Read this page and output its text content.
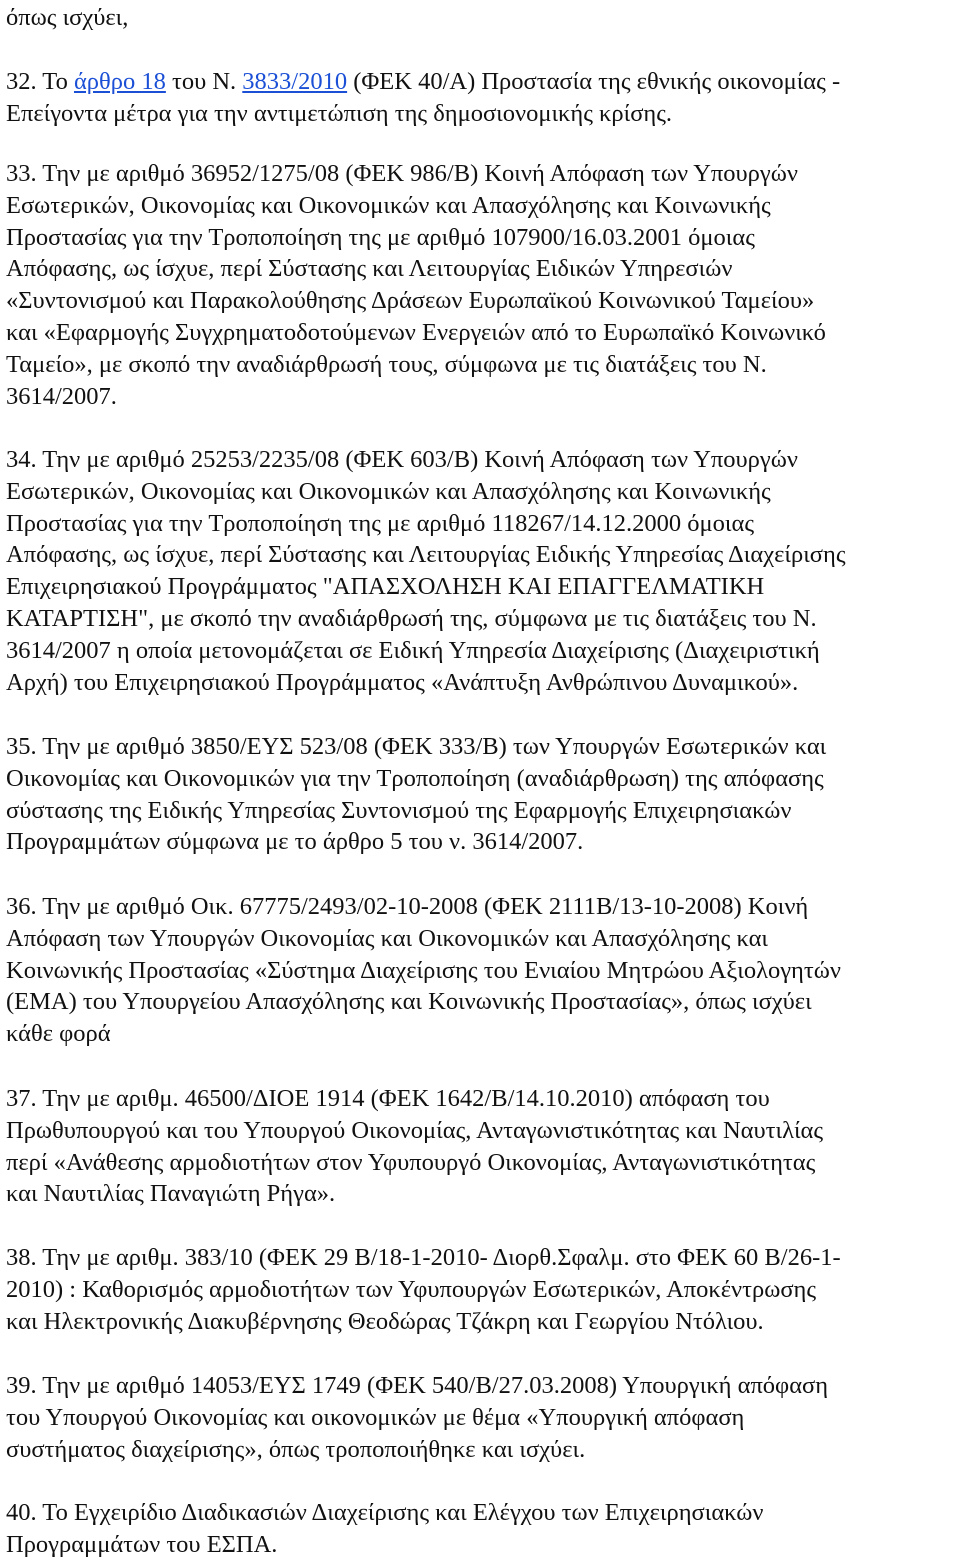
όπως ισχύει,

32. Το άρθρο 18 του Ν. 3833/2010 (ΦΕΚ 40/Α) Προστασία της εθνικής οικονομίας -
Επείγοντα μέτρα για την αντιμετώπιση της δημοσιονομικής κρίσης.

33. Την με αριθμό 36952/1275/08 (ΦΕΚ 986/Β) Κοινή Απόφαση των Υπουργών
Εσωτερικών, Οικονομίας και Οικονομικών και Απασχόλησης και Κοινωνικής
Προστασίας για την Τροποποίηση της με αριθμό 107900/16.03.2001 όμοιας
Απόφασης, ως ίσχυε, περί Σύστασης και Λειτουργίας Ειδικών Υπηρεσιών
«Συντονισμού και Παρακολούθησης Δράσεων Ευρωπαϊκού Κοινωνικού Ταμείου»
και «Εφαρμογής Συγχρηματοδοτούμενων Ενεργειών από το Ευρωπαϊκό Κοινωνικό
Ταμείο», με σκοπό την αναδιάρθρωσή τους, σύμφωνα με τις διατάξεις του Ν.
3614/2007.

34. Την με αριθμό 25253/2235/08 (ΦΕΚ 603/Β) Κοινή Απόφαση των Υπουργών
Εσωτερικών, Οικονομίας και Οικονομικών και Απασχόλησης και Κοινωνικής
Προστασίας για την Τροποποίηση της με αριθμό 118267/14.12.2000 όμοιας
Απόφασης, ως ίσχυε, περί Σύστασης και Λειτουργίας Ειδικής Υπηρεσίας Διαχείρισης
Επιχειρησιακού Προγράμματος "ΑΠΑΣΧΟΛΗΣΗ ΚΑΙ ΕΠΑΓΓΕΛΜΑΤΙΚΗ
ΚΑΤΑΡΤΙΣΗ", με σκοπό την αναδιάρθρωσή της, σύμφωνα με τις διατάξεις του Ν.
3614/2007 η οποία μετονομάζεται σε Ειδική Υπηρεσία Διαχείρισης (Διαχειριστική
Αρχή) του Επιχειρησιακού Προγράμματος «Ανάπτυξη Ανθρώπινου Δυναμικού».

35. Την με αριθμό 3850/ΕΥΣ 523/08 (ΦΕΚ 333/Β) των Υπουργών Εσωτερικών και
Οικονομίας και Οικονομικών για την Τροποποίηση (αναδιάρθρωση) της απόφασης
σύστασης της Ειδικής Υπηρεσίας Συντονισμού της Εφαρμογής Επιχειρησιακών
Προγραμμάτων σύμφωνα με το άρθρο 5 του ν. 3614/2007.

36. Την με αριθμό Οικ. 67775/2493/02-10-2008 (ΦΕΚ 2111Β/13-10-2008) Κοινή
Απόφαση των Υπουργών Οικονομίας και Οικονομικών και Απασχόλησης και
Κοινωνικής Προστασίας «Σύστημα Διαχείρισης του Ενιαίου Μητρώου Αξιολογητών
(ΕΜΑ) του Υπουργείου Απασχόλησης και Κοινωνικής Προστασίας», όπως ισχύει
κάθε φορά

37. Την με αριθμ. 46500/ΔΙΟΕ 1914 (ΦΕΚ 1642/Β/14.10.2010) απόφαση του
Πρωθυπουργού και του Υπουργού Οικονομίας, Ανταγωνιστικότητας και Ναυτιλίας
περί «Ανάθεσης αρμοδιοτήτων στον Υφυπουργό Οικονομίας, Ανταγωνιστικότητας
και Ναυτιλίας Παναγιώτη Ρήγα».

38. Την με αριθμ. 383/10 (ΦΕΚ 29 Β/18-1-2010- Διορθ.Σφαλμ. στο ΦΕΚ 60 Β/26-1-
2010) : Καθορισμός αρμοδιοτήτων των Υφυπουργών Εσωτερικών, Αποκέντρωσης
και Ηλεκτρονικής Διακυβέρνησης Θεοδώρας Τζάκρη και Γεωργίου Ντόλιου.

39. Την με αριθμό 14053/ΕΥΣ 1749 (ΦΕΚ 540/Β/27.03.2008) Υπουργική απόφαση
του Υπουργού Οικονομίας και οικονομικών με θέμα «Υπουργική απόφαση
συστήματος διαχείρισης», όπως τροποποιήθηκε και ισχύει.

40. Το Εγχειρίδιο Διαδικασιών Διαχείρισης και Ελέγχου των Επιχειρησιακών
Προγραμμάτων του ΕΣΠΑ.
